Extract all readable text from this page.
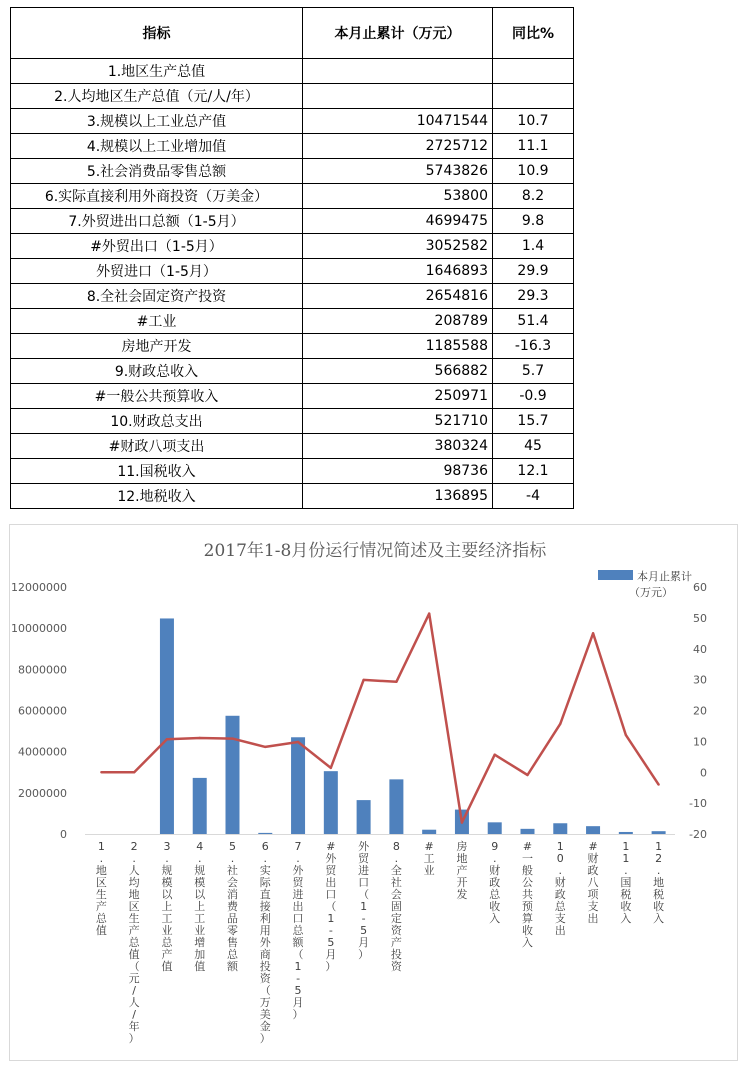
指标	本月止累计（万元）	同比%
1.地区生产总值		
2.人均地区生产总值（元/人/年）		
3.规模以上工业总产值	10471544	10.7
4.规模以上工业增加值	2725712	11.1
5.社会消费品零售总额	5743826	10.9
6.实际直接利用外商投资（万美金）	53800	8.2
7.外贸进出口总额（1-5月）	4699475	9.8
#外贸出口（1-5月）	3052582	1.4
外贸进口（1-5月）	1646893	29.9
8.全社会固定资产投资	2654816	29.3
#工业	208789	51.4
房地产开发	1185588	-16.3
9.财政总收入	566882	5.7
#一般公共预算收入	250971	-0.9
10.财政总支出	521710	15.7
#财政八项支出	380324	45
11.国税收入	98736	12.1
12.地税收入	136895	-4
2017年1-8月份运行情况简述及主要经济指标
0
2000000
4000000
6000000
8000000
10000000
12000000
-20
-10
0
10
20
30
40
50
60
1 .地区生产总值
2 .人均地区生产总值（元/人/年）
3 .规模以上工业总产值
4 .规模以上工业增加值
5 .社会消费品零售总额
6 .实际直接利用外商投资（万美金）
7 .外贸进出口总额（ 1 -5 月）
#外贸出口（ 1 -5 月）
外贸进口（ 1 -5 月）
8 .全社会固定资产投资
#工业
房地产开发
9 .财政总收入
#一般公共预算收入
1 0 .财政总支出
#财政八项支出
1 1 .国税收入
1 2 .地税收入
本月止累计
（万元）
